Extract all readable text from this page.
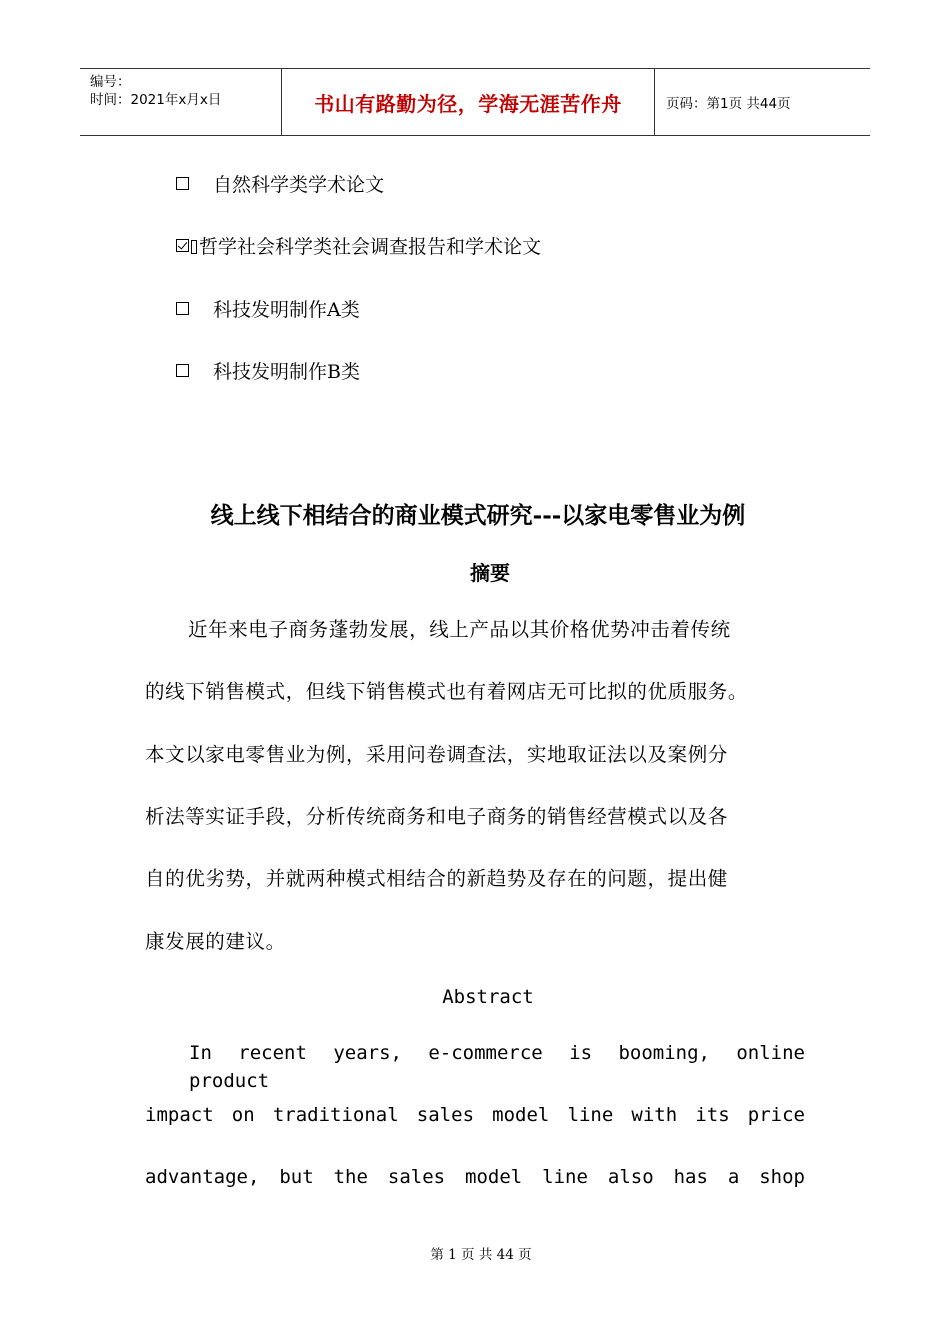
编号：
时间：2021年x月x日	书山有路勤为径，学海无涯苦作舟	页码：第1页 共44页
自然科学类学术论文
哲学社会科学类社会调查报告和学术论文
科技发明制作A类
科技发明制作B类
线上线下相结合的商业模式研究---以家电零售业为例
摘要
近年来电子商务蓬勃发展，线上产品以其价格优势冲击着传统
的线下销售模式，但线下销售模式也有着网店无可比拟的优质服务。
本文以家电零售业为例，采用问卷调查法，实地取证法以及案例分
析法等实证手段，分析传统商务和电子商务的销售经营模式以及各
自的优劣势，并就两种模式相结合的新趋势及存在的问题，提出健
康发展的建议。
Abstract
In recent years, e-commerce is booming, online product
impact on traditional sales model line with its price
advantage, but the sales model line also has a shop
第 1 页 共 44 页
